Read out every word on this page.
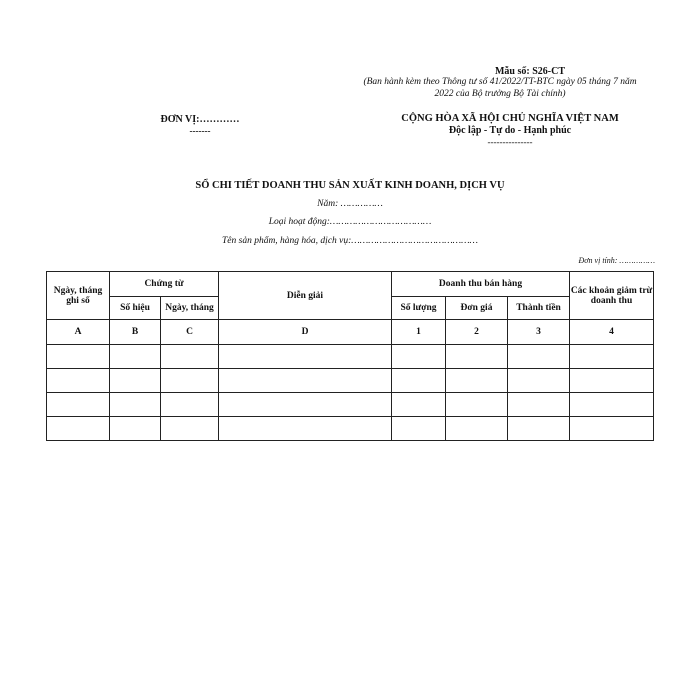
Mẫu số: S26-CT
(Ban hành kèm theo Thông tư số 41/2022/TT-BTC ngày 05 tháng 7 năm
2022 của Bộ trưởng Bộ Tài chính)
ĐƠN VỊ:…………
-------
CỘNG HÒA XÃ HỘI CHỦ NGHĨA VIỆT NAM
Độc lập - Tự do - Hạnh phúc
---------------
SỔ CHI TIẾT DOANH THU SẢN XUẤT KINH DOANH, DỊCH VỤ
Năm: ……………
Loại hoạt động:………………………………
Tên sản phẩm, hàng hóa, dịch vụ:………………………………………
Đơn vị tính: ……………
Ngày, tháng ghi sổ	Chứng từ		Diễn giải	Doanh thu bán hàng			Các khoản giảm trừ doanh thu
	Số hiệu	Ngày, tháng		Số lượng	Đơn giá	Thành tiền	
A	B	C	D	1	2	3	4
